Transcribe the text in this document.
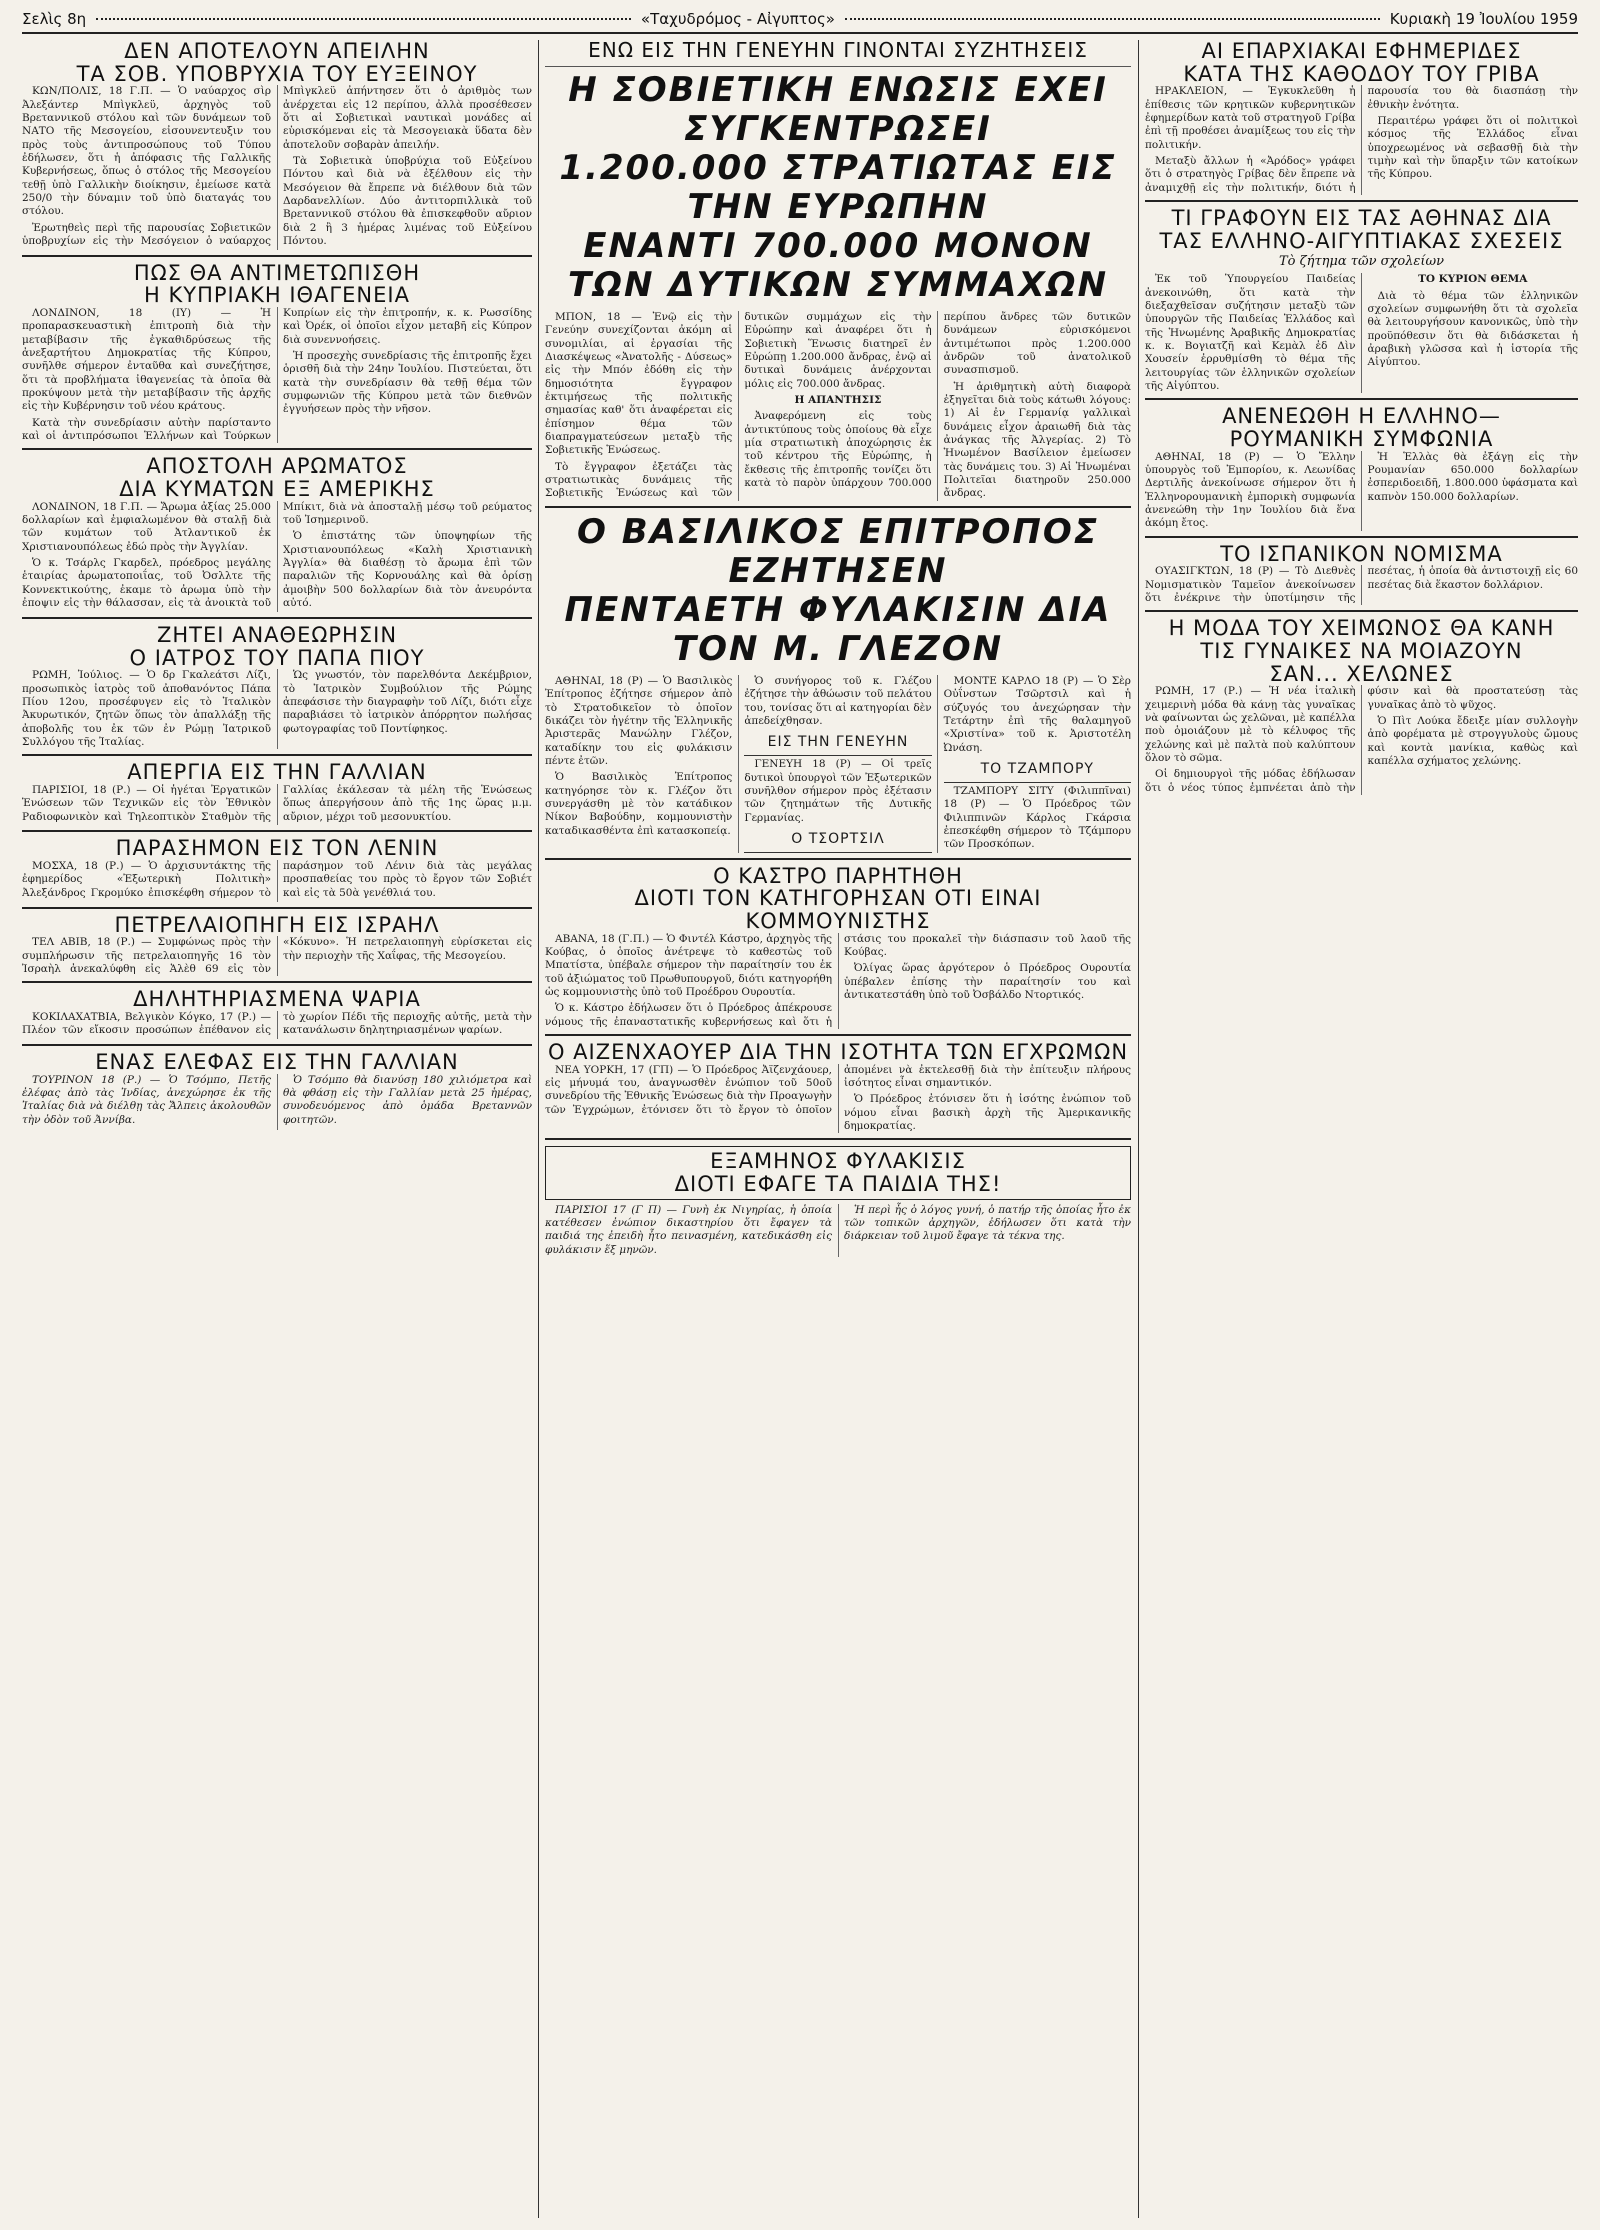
Σελὶς 8η	«Ταχυδρόμος - Αἰγυπτος»	Κυριακὴ 19 Ἰουλίου 1959
ΔΕΝ ΑΠΟΤΕΛΟΥΝ ΑΠΕΙΛΗΝ
ΤΑ ΣΟΒ. ΥΠΟΒΡΥΧΙΑ ΤΟΥ ΕΥΞΕΙΝΟΥ

ΚΩΝ/ΠΟΛΙΣ, 18 Γ.Π. — Ὁ ναύαρχος σὶρ Ἀλεξάντερ Μπὶγκλεϋ, ἀρχηγὸς τοῦ Βρεταννικοῦ στόλου καὶ τῶν δυνάμεων τοῦ ΝΑΤΟ τῆς Μεσογείου, εἰσουνεντευξιν του πρὸς τοὺς ἀντιπροσώπους τοῦ Τύπου ἐδήλωσεν, ὅτι ἡ ἀπόφασις τῆς Γαλλικῆς Κυβερνήσεως, ὅπως ὁ στόλος τῆς Μεσογείου τεθῇ ὑπὸ Γαλλικὴν διοίκησιν, ἐμείωσε κατὰ 250/0 τὴν δύναμιν τοῦ ὑπὸ διαταγάς του στόλου.

Ἐρωτηθεὶς περὶ τῆς παρουσίας Σοβιετικῶν ὑποβρυχίων εἰς τὴν Μεσόγειον ὁ ναύαρχος Μπὶγκλεϋ ἀπήντησεν ὅτι ὁ ἀριθμὸς των ἀνέρχεται εἰς 12 περίπου, ἀλλὰ προσέθεσεν ὅτι αἱ Σοβιετικαὶ ναυτικαὶ μονάδες αἱ εὑρισκόμεναι εἰς τὰ Μεσογειακὰ ὕδατα δὲν ἀποτελοῦν σοβαρὰν ἀπειλήν.

Τὰ Σοβιετικὰ ὑποβρύχια τοῦ Εὐξείνου Πόντου καὶ διὰ νὰ ἐξέλθουν εἰς τὴν Μεσόγειον θὰ ἔπρεπε νὰ διέλθουν διὰ τῶν Δαρδανελλίων. Δύο ἀντιτορπιλλικὰ τοῦ Βρεταννικοῦ στόλου θὰ ἐπισκεφθοῦν αὔριον διὰ 2 ἢ 3 ἡμέρας λιμένας τοῦ Εὐξείνου Πόντου.

ΠΩΣ ΘΑ ΑΝΤΙΜΕΤΩΠΙΣΘΗ
Η ΚΥΠΡΙΑΚΗ ΙΘΑΓΕΝΕΙΑ

ΛΟΝΔΙΝΟΝ, 18 (ΙΥ) — Ἡ προπαρασκευαστικὴ ἐπιτροπὴ διὰ τὴν μεταβίβασιν τῆς ἐγκαθιδρύσεως τῆς ἀνεξαρτήτου Δημοκρατίας τῆς Κύπρου, συνῆλθε σήμερον ἐνταῦθα καὶ συνεζήτησε, ὅτι τὰ προβλήματα ἰθαγενείας τὰ ὁποῖα θὰ προκύψουν μετὰ τὴν μεταβίβασιν τῆς ἀρχῆς εἰς τὴν Κυβέρνησιν τοῦ νέου κράτους.

Κατὰ τὴν συνεδρίασιν αὐτὴν παρίσταντο καὶ οἱ ἀντιπρόσωποι Ἑλλήνων καὶ Τούρκων Κυπρίων εἰς τὴν ἐπιτροπήν, κ. κ. Ρωσσίδης καὶ Ὀρέκ, οἱ ὁποῖοι εἶχον μεταβῆ εἰς Κύπρον διὰ συνεννοήσεις.

Ἡ προσεχὴς συνεδρίασις τῆς ἐπιτροπῆς ἔχει ὁρισθῆ διὰ τὴν 24ην Ἰουλίου. Πιστεύεται, ὅτι κατὰ τὴν συνεδρίασιν θὰ τεθῇ θέμα τῶν συμφωνιῶν τῆς Κύπρου μετὰ τῶν διεθνῶν ἐγγυήσεων πρὸς τὴν νῆσον.

ΑΠΟΣΤΟΛΗ ΑΡΩΜΑΤΟΣ
ΔΙΑ ΚΥΜΑΤΩΝ ΕΞ ΑΜΕΡΙΚΗΣ

ΛΟΝΔΙΝΟΝ, 18 Γ.Π. — Ἄρωμα ἀξίας 25.000 δολλαρίων καὶ ἐμφιαλωμένον θὰ σταλῇ διὰ τῶν κυμάτων τοῦ Ἀτλαντικοῦ ἐκ Χριστιανουπόλεως ἐδώ πρὸς τὴν Ἀγγλίαν.

Ὁ κ. Τσάρλς Γκαρδελ, πρόεδρος μεγάλης ἑταιρίας ἀρωματοποιΐας, τοῦ Ὀσλλτε τῆς Κοννεκτικούτης, ἐκαμε τὸ ἀρωμα ὑπὸ τὴν ἐποψιν εἰς τὴν θάλασσαν, εἰς τὰ ἀνοικτὰ τοῦ Μπίκιτ, διὰ νὰ ἀποσταλῇ μέσῳ τοῦ ρεύματος τοῦ Ἰσημερινοῦ.

Ὁ ἐπιστάτης τῶν ὑποψηφίων τῆς Χριστιανουπόλεως «Καλὴ Χριστιανικὴ Ἀγγλία» θὰ διαθέσῃ τὸ ἄρωμα ἐπὶ τῶν παραλιῶν τῆς Κορνουάλης καὶ θὰ ὁρίσῃ ἀμοιβὴν 500 δολλαρίων διὰ τὸν ἀνευρόντα αὐτό.

ΖΗΤΕΙ ΑΝΑΘΕΩΡΗΣΙΝ
Ο ΙΑΤΡΟΣ ΤΟΥ ΠΑΠΑ ΠΙΟΥ

ΡΩΜΗ, Ἰούλιος. — Ὁ δρ Γκαλεάτσι Λίζι, προσωπικὸς ἰατρὸς τοῦ ἀποθανόντος Πάπα Πίου 12ου, προσέφυγεν εἰς τὸ Ἰταλικὸν Ἀκυρωτικόν, ζητῶν ὅπως τὸν ἀπαλλάξῃ τῆς ἀποβολῆς του ἐκ τῶν ἐν Ρώμῃ Ἰατρικοῦ Συλλόγου τῆς Ἰταλίας.

Ὡς γνωστόν, τὸν παρελθόντα Δεκέμβριον, τὸ Ἰατρικὸν Συμβούλιον τῆς Ρώμης ἀπεφάσισε τὴν διαγραφὴν τοῦ Λίζι, διότι εἶχε παραβιάσει τὸ ἰατρικὸν ἀπόρρητον πωλήσας φωτογραφίας τοῦ Ποντίφηκος.

ΑΠΕΡΓΙΑ ΕΙΣ ΤΗΝ ΓΑΛΛΙΑΝ

ΠΑΡΙΣΙΟΙ, 18 (Ρ.) — Οἱ ἡγέται Ἐργατικῶν Ἑνώσεων τῶν Τεχνικῶν εἰς τὸν Ἐθνικὸν Ραδιοφωνικὸν καὶ Τηλεοπτικὸν Σταθμὸν τῆς Γαλλίας ἐκάλεσαν τὰ μέλη τῆς Ἑνώσεως ὅπως ἀπεργήσουν ἀπὸ τῆς 1ης ὥρας μ.μ. αὔριον, μέχρι τοῦ μεσονυκτίου.

ΠΑΡΑΣΗΜΟΝ ΕΙΣ ΤΟΝ ΛΕΝΙΝ

ΜΟΣΧΑ, 18 (Ρ.) — Ὁ ἀρχισυντάκτης τῆς ἐφημερίδος «Ἐξωτερικὴ Πολιτικὴ» Ἀλεξάνδρος Γκρομύκο ἐπισκέφθη σήμερον τὸ παράσημον τοῦ Λένιν διὰ τὰς μεγάλας προσπαθείας του πρὸς τὸ ἔργον τῶν Σοβιέτ καὶ εἰς τὰ 50ὰ γενέθλιά του.

ΠΕΤΡΕΛΑΙΟΠΗΓΗ ΕΙΣ ΙΣΡΑΗΛ

ΤΕΛ ΑΒΙΒ, 18 (Ρ.) — Συμφώνως πρὸς τὴν συμπλήρωσιν τῆς πετρελαιοπηγῆς 16 τὸν Ἰσραὴλ ἀνεκαλύφθη εἰς Ἁλὲθ 69 εἰς τὸν «Κόκυνο». Ἡ πετρελαιοπηγὴ εὑρίσκεται εἰς τὴν περιοχὴν τῆς Χαΐφας, τῆς Μεσογείου.

ΔΗΛΗΤΗΡΙΑΣΜΕΝΑ ΨΑΡΙΑ

ΚΟΚΙΛΑΧΑΤΒΙΑ, Βελγικὸν Κόγκο, 17 (Ρ.) — Πλέον τῶν εἴκοσιν προσώπων ἐπέθανον εἰς τὸ χωρίον Πέδι τῆς περιοχῆς αὐτῆς, μετὰ τὴν κατανάλωσιν δηλητηριασμένων ψαρίων.

ΕΝΑΣ ΕΛΕΦΑΣ ΕΙΣ ΤΗΝ ΓΑΛΛΙΑΝ

ΤΟΥΡΙΝΟΝ 18 (Ρ.) — Ὁ Τσόμπο, Πετῆς ἐλέφας ἀπὸ τὰς Ἰνδίας, ἀνεχώρησε ἐκ τῆς Ἰταλίας διὰ νὰ διέλθῃ τὰς Ἄλπεις ἀκολουθῶν τὴν ὁδὸν τοῦ Ἀννίβα.

Ὁ Τσόμπο θὰ διανύσῃ 180 χιλιόμετρα καὶ θὰ φθάσῃ εἰς τὴν Γαλλίαν μετὰ 25 ἡμέρας, συνοδευόμενος ἀπὸ ὁμάδα Βρεταννῶν φοιτητῶν.

ΕΝΩ ΕΙΣ ΤΗΝ ΓΕΝΕΥΗΝ ΓΙΝΟΝΤΑΙ ΣΥΖΗΤΗΣΕΙΣ
Η ΣΟΒΙΕΤΙΚΗ ΕΝΩΣΙΣ ΕΧΕΙ ΣΥΓΚΕΝΤΡΩΣΕΙ
1.200.000 ΣΤΡΑΤΙΩΤΑΣ ΕΙΣ ΤΗΝ ΕΥΡΩΠΗΝ
ΕΝΑΝΤΙ 700.000 ΜΟΝΟΝ ΤΩΝ ΔΥΤΙΚΩΝ ΣΥΜΜΑΧΩΝ

ΜΠΟΝ, 18 — Ἐνῷ εἰς τὴν Γενεύην συνεχίζονται ἀκόμη αἱ συνομιλίαι, αἱ ἐργασίαι τῆς Διασκέψεως «Ἀνατολῆς - Δύσεως» εἰς τὴν Μπόν ἐδόθη εἰς τὴν δημοσιότητα ἔγγραφον ἐκτιμήσεως τῆς πολιτικῆς σημασίας καθ' ὅτι ἀναφέρεται εἰς ἐπίσημον θέμα τῶν διαπραγματεύσεων μεταξὺ τῆς Σοβιετικῆς Ἑνώσεως.

Τὸ ἔγγραφον ἐξετάζει τὰς στρατιωτικὰς δυνάμεις τῆς Σοβιετικῆς Ἑνώσεως καὶ τῶν δυτικῶν συμμάχων εἰς τὴν Εὐρώπην καὶ ἀναφέρει ὅτι ἡ Σοβιετικὴ Ἕνωσις διατηρεῖ ἐν Εὐρώπῃ 1.200.000 ἄνδρας, ἐνῷ αἱ δυτικαὶ δυνάμεις ἀνέρχονται μόλις εἰς 700.000 ἄνδρας.

Η ΑΠΑΝΤΗΣΙΣ

Ἀναφερόμενη εἰς τοὺς ἀντικτύπους τοὺς ὁποίους θὰ εἶχε μία στρατιωτικὴ ἀποχώρησις ἐκ τοῦ κέντρου τῆς Εὐρώπης, ἡ ἔκθεσις τῆς ἐπιτροπῆς τονίζει ὅτι κατὰ τὸ παρὸν ὑπάρχουν 700.000 περίπου ἄνδρες τῶν δυτικῶν δυνάμεων εὐρισκόμενοι ἀντιμέτωποι πρὸς 1.200.000 ἀνδρῶν τοῦ ἀνατολικοῦ συνασπισμοῦ.

Ἡ ἀριθμητικὴ αὐτὴ διαφορὰ ἐξηγεῖται διὰ τοὺς κάτωθι λόγους: 1) Αἱ ἐν Γερμανίᾳ γαλλικαὶ δυνάμεις εἶχον ἀραιωθῆ διὰ τὰς ἀνάγκας τῆς Ἀλγερίας. 2) Τὸ Ἡνωμένον Βασίλειον ἐμείωσεν τὰς δυνάμεις του. 3) Αἱ Ἡνωμέναι Πολιτεῖαι διατηροῦν 250.000 ἄνδρας.

Ο ΒΑΣΙΛΙΚΟΣ ΕΠΙΤΡΟΠΟΣ ΕΖΗΤΗΣΕΝ
ΠΕΝΤΑΕΤΗ ΦΥΛΑΚΙΣΙΝ ΔΙΑ ΤΟΝ Μ. ΓΛΕΖΟΝ

ΑΘΗΝΑΙ, 18 (Ρ) — Ὁ Βασιλικὸς Ἐπίτροπος ἐζήτησε σήμερον ἀπὸ τὸ Στρατοδικεῖον τὸ ὁποῖον δικάζει τὸν ἡγέτην τῆς Ἑλληνικῆς Ἀριστερᾶς Μανώλην Γλέζον, καταδίκην του εἰς φυλάκισιν πέντε ἐτῶν.

Ὁ Βασιλικὸς Ἐπίτροπος κατηγόρησε τὸν κ. Γλέζον ὅτι συνεργάσθη μὲ τὸν κατάδικον Νίκον Βαβούδην, κομμουνιστὴν καταδικασθέντα ἐπὶ κατασκοπείᾳ.

Ὁ συνήγορος τοῦ κ. Γλέζου ἐζήτησε τὴν ἀθώωσιν τοῦ πελάτου του, τονίσας ὅτι αἱ κατηγορίαι δὲν ἀπεδείχθησαν.

ΕΙΣ ΤΗΝ ΓΕΝΕΥΗΝ

ΓΕΝΕΥΗ 18 (Ρ) — Οἱ τρεῖς δυτικοὶ ὑπουργοὶ τῶν Ἐξωτερικῶν συνῆλθον σήμερον πρὸς ἐξέτασιν τῶν ζητημάτων τῆς Δυτικῆς Γερμανίας.

Ο ΤΣΟΡΤΣΙΛ

ΜΟΝΤΕ ΚΑΡΛΟ 18 (Ρ) — Ὁ Σὲρ Οὐΐνστων Τσῶρτσιλ καὶ ἡ σύζυγός του ἀνεχώρησαν τὴν Τετάρτην ἐπὶ τῆς θαλαμηγοῦ «Χριστίνα» τοῦ κ. Ἀριστοτέλη Ὠνάση.

ΤΟ ΤΖΑΜΠΟΡΥ

ΤΖΑΜΠΟΡΥ ΣΙΤΥ (Φιλιππῖναι) 18 (Ρ) — Ὁ Πρόεδρος τῶν Φιλιππινῶν Κάρλος Γκάρσια ἐπεσκέφθη σήμερον τὸ Τζάμπορυ τῶν Προσκόπων.

Ο ΚΑΣΤΡΟ ΠΑΡΗΤΗΘΗ
ΔΙΟΤΙ ΤΟΝ ΚΑΤΗΓΟΡΗΣΑΝ ΟΤΙ ΕΙΝΑΙ ΚΟΜΜΟΥΝΙΣΤΗΣ

ΑΒΑΝΑ, 18 (Γ.Π.) — Ὁ Φιντέλ Κάστρο, ἀρχηγὸς τῆς Κούβας, ὁ ὁποῖος ἀνέτρεψε τὸ καθεστὼς τοῦ Μπατίστα, ὑπέβαλε σήμερον τὴν παραίτησίν του ἐκ τοῦ ἀξιώματος τοῦ Πρωθυπουργοῦ, διότι κατηγορήθη ὡς κομμουνιστὴς ὑπὸ τοῦ Προέδρου Ουρουτία.

Ὁ κ. Κάστρο ἐδήλωσεν ὅτι ὁ Πρόεδρος ἀπέκρουσε νόμους τῆς ἐπαναστατικῆς κυβερνήσεως καὶ ὅτι ἡ στάσις του προκαλεῖ τὴν διάσπασιν τοῦ λαοῦ τῆς Κούβας.

Ὀλίγας ὥρας ἀργότερον ὁ Πρόεδρος Ουρουτία ὑπέβαλεν ἐπίσης τὴν παραίτησίν του καὶ ἀντικατεστάθη ὑπὸ τοῦ Ὀσβάλδο Ντορτικός.

Ο ΑΙΖΕΝΧΑΟΥΕΡ ΔΙΑ ΤΗΝ ΙΣΟΤΗΤΑ ΤΩΝ ΕΓΧΡΩΜΩΝ

ΝΕΑ ΥΟΡΚΗ, 17 (ΓΠ) — Ὁ Πρόεδρος Ἀϊζενχάουερ, εἰς μήνυμά του, ἀναγνωσθὲν ἐνώπιον τοῦ 50οῦ συνεδρίου τῆς Ἐθνικῆς Ἑνώσεως διὰ τὴν Προαγωγὴν τῶν Ἐγχρώμων, ἐτόνισεν ὅτι τὸ ἔργον τὸ ὁποῖον ἀπομένει νὰ ἐκτελεσθῇ διὰ τὴν ἐπίτευξιν πλήρους ἰσότητος εἶναι σημαντικόν.

Ὁ Πρόεδρος ἐτόνισεν ὅτι ἡ ἰσότης ἐνώπιον τοῦ νόμου εἶναι βασικὴ ἀρχὴ τῆς Ἀμερικανικῆς δημοκρατίας.

ΕΞΑΜΗΝΟΣ ΦΥΛΑΚΙΣΙΣ
ΔΙΟΤΙ ΕΦΑΓΕ ΤΑ ΠΑΙΔΙΑ ΤΗΣ!

ΠΑΡΙΣΙΟΙ 17 (Γ Π) — Γυνὴ ἐκ Νιγηρίας, ἡ ὁποία κατέθεσεν ἐνώπιον δικαστηρίου ὅτι ἔφαγεν τὰ παιδιά της ἐπειδὴ ἦτο πεινασμένη, κατεδικάσθη εἰς φυλάκισιν ἕξ μηνῶν.

Ἡ περὶ ἧς ὁ λόγος γυνή, ὁ πατήρ τῆς ὁποίας ἦτο ἐκ τῶν τοπικῶν ἀρχηγῶν, ἐδήλωσεν ὅτι κατὰ τὴν διάρκειαν τοῦ λιμοῦ ἔφαγε τὰ τέκνα της.

ΑΙ ΕΠΑΡΧΙΑΚΑΙ ΕΦΗΜΕΡΙΔΕΣ
ΚΑΤΑ ΤΗΣ ΚΑΘΟΔΟΥ ΤΟΥ ΓΡΙΒΑ

ΗΡΑΚΛΕΙΟΝ, — Ἐγκυκλεῦθη ἡ ἐπίθεσις τῶν κρητικῶν κυβερνητικῶν ἐφημερίδων κατὰ τοῦ στρατηγοῦ Γρίβα ἐπὶ τῇ προθέσει ἀναμίξεως του εἰς τὴν πολιτικήν.

Μεταξὺ ἄλλων ἡ «Ἀρόδος» γράφει ὅτι ὁ στρατηγὸς Γρίβας δὲν ἔπρεπε νὰ ἀναμιχθῇ εἰς τὴν πολιτικήν, διότι ἡ παρουσία του θὰ διασπάσῃ τὴν ἐθνικὴν ἑνότητα.

Περαιτέρω γράφει ὅτι οἱ πολιτικοὶ κόσμος τῆς Ἑλλάδος εἶναι ὑποχρεωμένος νὰ σεβασθῇ διὰ τὴν τιμὴν καὶ τὴν ὕπαρξιν τῶν κατοίκων τῆς Κύπρου.

ΤΙ ΓΡΑΦΟΥΝ ΕΙΣ ΤΑΣ ΑΘΗΝΑΣ ΔΙΑ
ΤΑΣ ΕΛΛΗΝΟ-ΑΙΓΥΠΤΙΑΚΑΣ ΣΧΕΣΕΙΣ
Τὸ ζήτημα τῶν σχολείων

Ἐκ τοῦ Ὑπουργείου Παιδείας ἀνεκοινώθη, ὅτι κατὰ τὴν διεξαχθεῖσαν συζήτησιν μεταξὺ τῶν ὑπουργῶν τῆς Παιδείας Ἑλλάδος καὶ τῆς Ἡνωμένης Ἀραβικῆς Δημοκρατίας κ. κ. Βογιατζῆ καὶ Κεμὰλ ἐδ Δὶν Χουσείν ἐρρυθμίσθη τὸ θέμα τῆς λειτουργίας τῶν ἑλληνικῶν σχολείων τῆς Αἰγύπτου.

ΤΟ ΚΥΡΙΟΝ ΘΕΜΑ

Διὰ τὸ θέμα τῶν ἑλληνικῶν σχολείων συμφωνήθη ὅτι τὰ σχολεῖα θὰ λειτουργήσουν κανονικῶς, ὑπὸ τὴν προϋπόθεσιν ὅτι θὰ διδάσκεται ἡ ἀραβικὴ γλῶσσα καὶ ἡ ἱστορία τῆς Αἰγύπτου.

ΑΝΕΝΕΩΘΗ Η ΕΛΛΗΝΟ—
ΡΟΥΜΑΝΙΚΗ ΣΥΜΦΩΝΙΑ

ΑΘΗΝΑΙ, 18 (Ρ) — Ὁ Ἔλλην ὑπουργὸς τοῦ Ἐμπορίου, κ. Λεωνίδας Δερτιλῆς ἀνεκοίνωσε σήμερον ὅτι ἡ Ἑλληνορουμανικὴ ἐμπορικὴ συμφωνία ἀνενεώθη τὴν 1ην Ἰουλίου διὰ ἕνα ἀκόμη ἔτος.

Ἡ Ἑλλὰς θὰ ἐξάγῃ εἰς τὴν Ρουμανίαν 650.000 δολλαρίων ἐσπεριδοειδῆ, 1.800.000 ὑφάσματα καὶ καπνὸν 150.000 δολλαρίων.

ΤΟ ΙΣΠΑΝΙΚΟΝ ΝΟΜΙΣΜΑ

ΟΥΑΣΙΓΚΤΩΝ, 18 (Ρ) — Τὸ Διεθνὲς Νομισματικὸν Ταμεῖον ἀνεκοίνωσεν ὅτι ἐνέκρινε τὴν ὑποτίμησιν τῆς πεσέτας, ἡ ὁποία θὰ ἀντιστοιχῇ εἰς 60 πεσέτας διὰ ἕκαστον δολλάριον.

Η ΜΟΔΑ ΤΟΥ ΧΕΙΜΩΝΟΣ ΘΑ ΚΑΝΗ
ΤΙΣ ΓΥΝΑΙΚΕΣ ΝΑ ΜΟΙΑΖΟΥΝ
ΣΑΝ... ΧΕΛΩΝΕΣ

ΡΩΜΗ, 17 (Ρ.) — Ἡ νέα ἰταλικὴ χειμερινὴ μόδα θὰ κάνῃ τὰς γυναῖκας νὰ φαίνωνται ὡς χελῶναι, μὲ καπέλλα ποὺ ὁμοιάζουν μὲ τὸ κέλυφος τῆς χελώνης καὶ μὲ παλτὰ ποὺ καλύπτουν ὅλον τὸ σῶμα.

Οἱ δημιουργοὶ τῆς μόδας ἐδήλωσαν ὅτι ὁ νέος τύπος ἐμπνέεται ἀπὸ τὴν φύσιν καὶ θὰ προστατεύσῃ τὰς γυναῖκας ἀπὸ τὸ ψῦχος.

Ὁ Πὶτ Λούκα ἔδειξε μίαν συλλογὴν ἀπὸ φορέματα μὲ στρογγυλοὺς ὤμους καὶ κοντὰ μανίκια, καθὼς καὶ καπέλλα σχήματος χελώνης.
